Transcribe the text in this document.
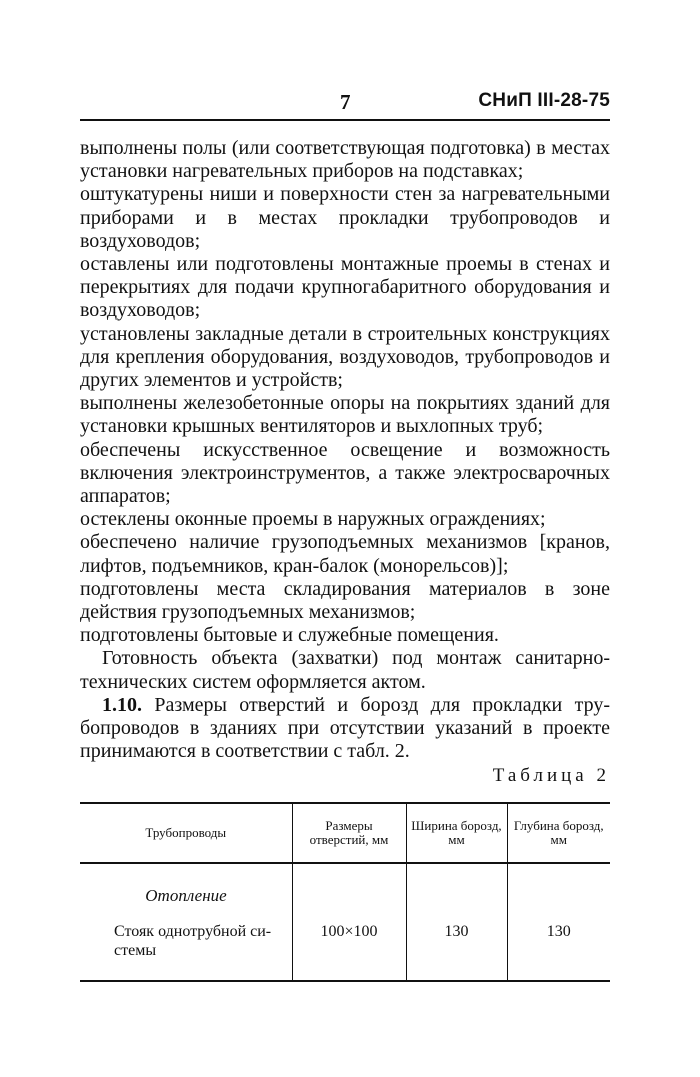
7	СНиП III-28-75

выполнены полы (или соответствующая подготовка) в местах установки нагревательных приборов на подставках;

оштукатурены ниши и поверхности стен за нагревательными приборами и в местах прокладки трубопроводов и воздуховодов;

оставлены или подготовлены монтажные проемы в стенах и перекрытиях для подачи крупногабаритного оборудования и воздуховодов;

установлены закладные детали в строительных конструкциях для крепления оборудования, воздуховодов, трубопроводов и других элементов и устройств;

выполнены железобетонные опоры на покрытиях зданий для установки крышных вентиляторов и выхлопных труб;

обеспечены искусственное освещение и возможность включения электроинструментов, а также электросварочных аппаратов;

остеклены оконные проемы в наружных ограждениях;

обеспечено наличие грузоподъемных механизмов [кранов, лифтов, подъемников, кран-балок (монорельсов)];

подготовлены места складирования материалов в зоне действия грузоподъемных механизмов;

подготовлены бытовые и служебные помещения.

Готовность объекта (захватки) под монтаж санитарно-технических систем оформляется актом.

1.10. Размеры отверстий и борозд для прокладки трубопроводов в зданиях при отсутствии указаний в проекте принимаются в соответствии с табл. 2.

Таблица 2
Трубопроводы	Размеры отверстий, мм	Ширина борозд, мм	Глубина борозд, мм

Отопление
Стояк однотрубной системы	100×100	130	130
